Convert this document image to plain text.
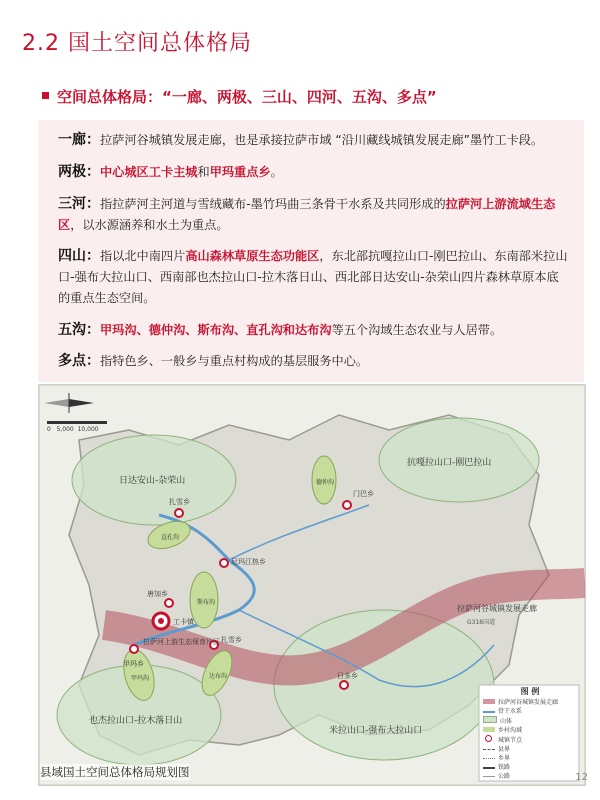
2.2 国土空间总体格局
空间总体格局：“一廊、两极、三山、四河、五沟、多点”
一廊：拉萨河谷城镇发展走廊，也是承接拉萨市域 “沿川藏线城镇发展走廊”墨竹工卡段。
两极：中心城区工卡主城和甲玛重点乡。
三河：指拉萨河主河道与雪绒藏布-墨竹玛曲三条骨干水系及共同形成的拉萨河上游流域生态区，以水源涵养和水土为重点。
四山：指以北中南四片高山森林草原生态功能区，东北部抗嘎拉山口-刚巴拉山、东南部米拉山口-强布大拉山口、西南部也杰拉山口-拉木落日山、西北部日达安山-杂荣山四片森林草原本底的重点生态空间。
五沟：甲玛沟、德仲沟、斯布沟、直孔沟和达布沟等五个沟域生态农业与人居带。
多点：指特色乡、一般乡与重点村构成的基层服务中心。
0 5,000 10,000
日达安山-杂荣山
抗嘎拉山口-刚巴拉山
也杰拉山口-拉木落日山
米拉山口-强布大拉山口
扎雪乡
门巴乡
尼玛江热乡
唐加乡
工卡镇
甲玛乡
扎雪乡
日多乡
拉萨河上游生态保育片区
拉萨河谷城镇发展走廊
G318国道
直孔沟
德仲沟
斯布沟
甲玛沟	达布沟
图 例
拉萨河谷城镇发展走廊
骨干水系
山体
乡村沟域
城镇节点
县界
乡界
铁路
公路
县域国土空间总体格局规划图	12
